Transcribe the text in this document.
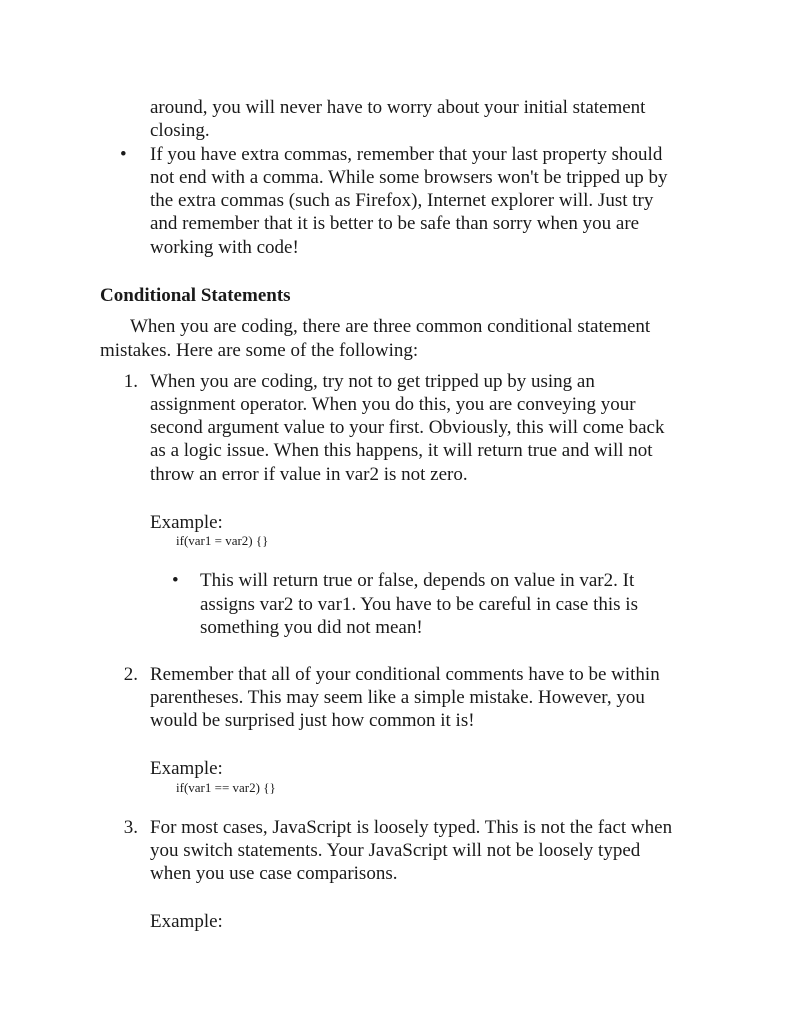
around, you will never have to worry about your initial statement
closing.
• If you have extra commas, remember that your last property should
not end with a comma. While some browsers won't be tripped up by
the extra commas (such as Firefox), Internet explorer will. Just try
and remember that it is better to be safe than sorry when you are
working with code!
Conditional Statements
When you are coding, there are three common conditional statement
mistakes. Here are some of the following:
1. When you are coding, try not to get tripped up by using an
assignment operator. When you do this, you are conveying your
second argument value to your first. Obviously, this will come back
as a logic issue. When this happens, it will return true and will not
throw an error if value in var2 is not zero.
Example:
if(var1 = var2) {}
• This will return true or false, depends on value in var2. It
assigns var2 to var1. You have to be careful in case this is
something you did not mean!
2. Remember that all of your conditional comments have to be within
parentheses. This may seem like a simple mistake. However, you
would be surprised just how common it is!
Example:
if(var1 == var2) {}
3. For most cases, JavaScript is loosely typed. This is not the fact when
you switch statements. Your JavaScript will not be loosely typed
when you use case comparisons.
Example:
